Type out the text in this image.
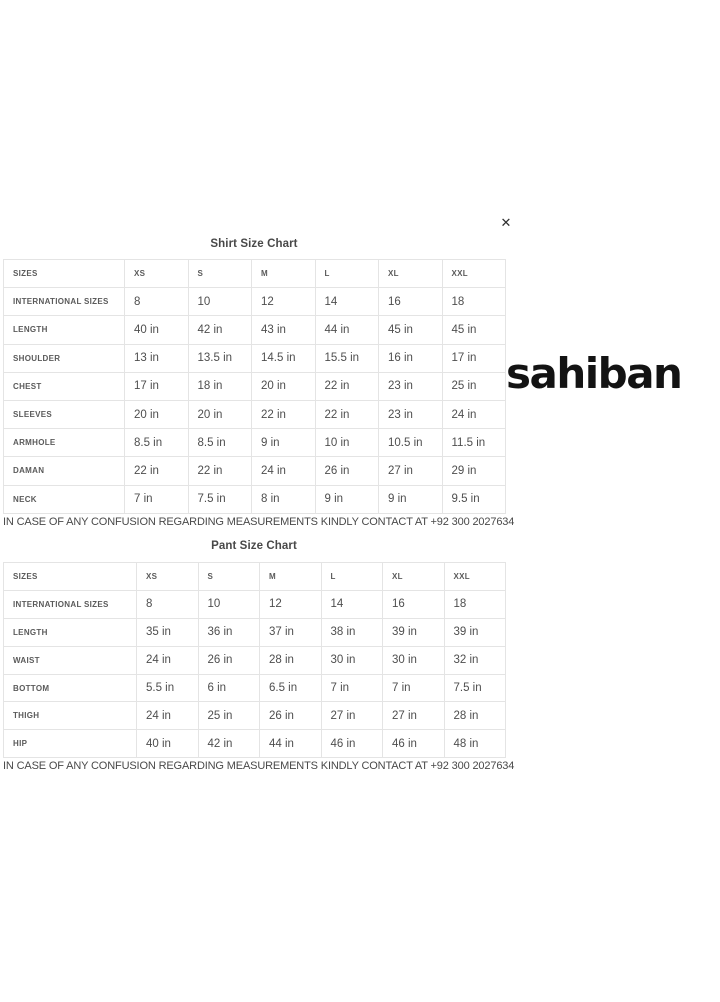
✕
Shirt Size Chart
SIZES	XS	S	M	L	XL	XXL
INTERNATIONAL SIZES	8	10	12	14	16	18
LENGTH	40 in	42 in	43 in	44 in	45 in	45 in
SHOULDER	13 in	13.5 in	14.5 in	15.5 in	16 in	17 in
CHEST	17 in	18 in	20 in	22 in	23 in	25 in
SLEEVES	20 in	20 in	22 in	22 in	23 in	24 in
ARMHOLE	8.5 in	8.5 in	9 in	10 in	10.5 in	11.5 in
DAMAN	22 in	22 in	24 in	26 in	27 in	29 in
NECK	7 in	7.5 in	8 in	9 in	9 in	9.5 in
IN CASE OF ANY CONFUSION REGARDING MEASUREMENTS KINDLY CONTACT AT +92 300 2027634
Pant Size Chart
SIZES	XS	S	M	L	XL	XXL
INTERNATIONAL SIZES	8	10	12	14	16	18
LENGTH	35 in	36 in	37 in	38 in	39 in	39 in
WAIST	24 in	26 in	28 in	30 in	30 in	32 in
BOTTOM	5.5 in	6 in	6.5 in	7 in	7 in	7.5 in
THIGH	24 in	25 in	26 in	27 in	27 in	28 in
HIP	40 in	42 in	44 in	46 in	46 in	48 in
IN CASE OF ANY CONFUSION REGARDING MEASUREMENTS KINDLY CONTACT AT +92 300 2027634
sahiban
